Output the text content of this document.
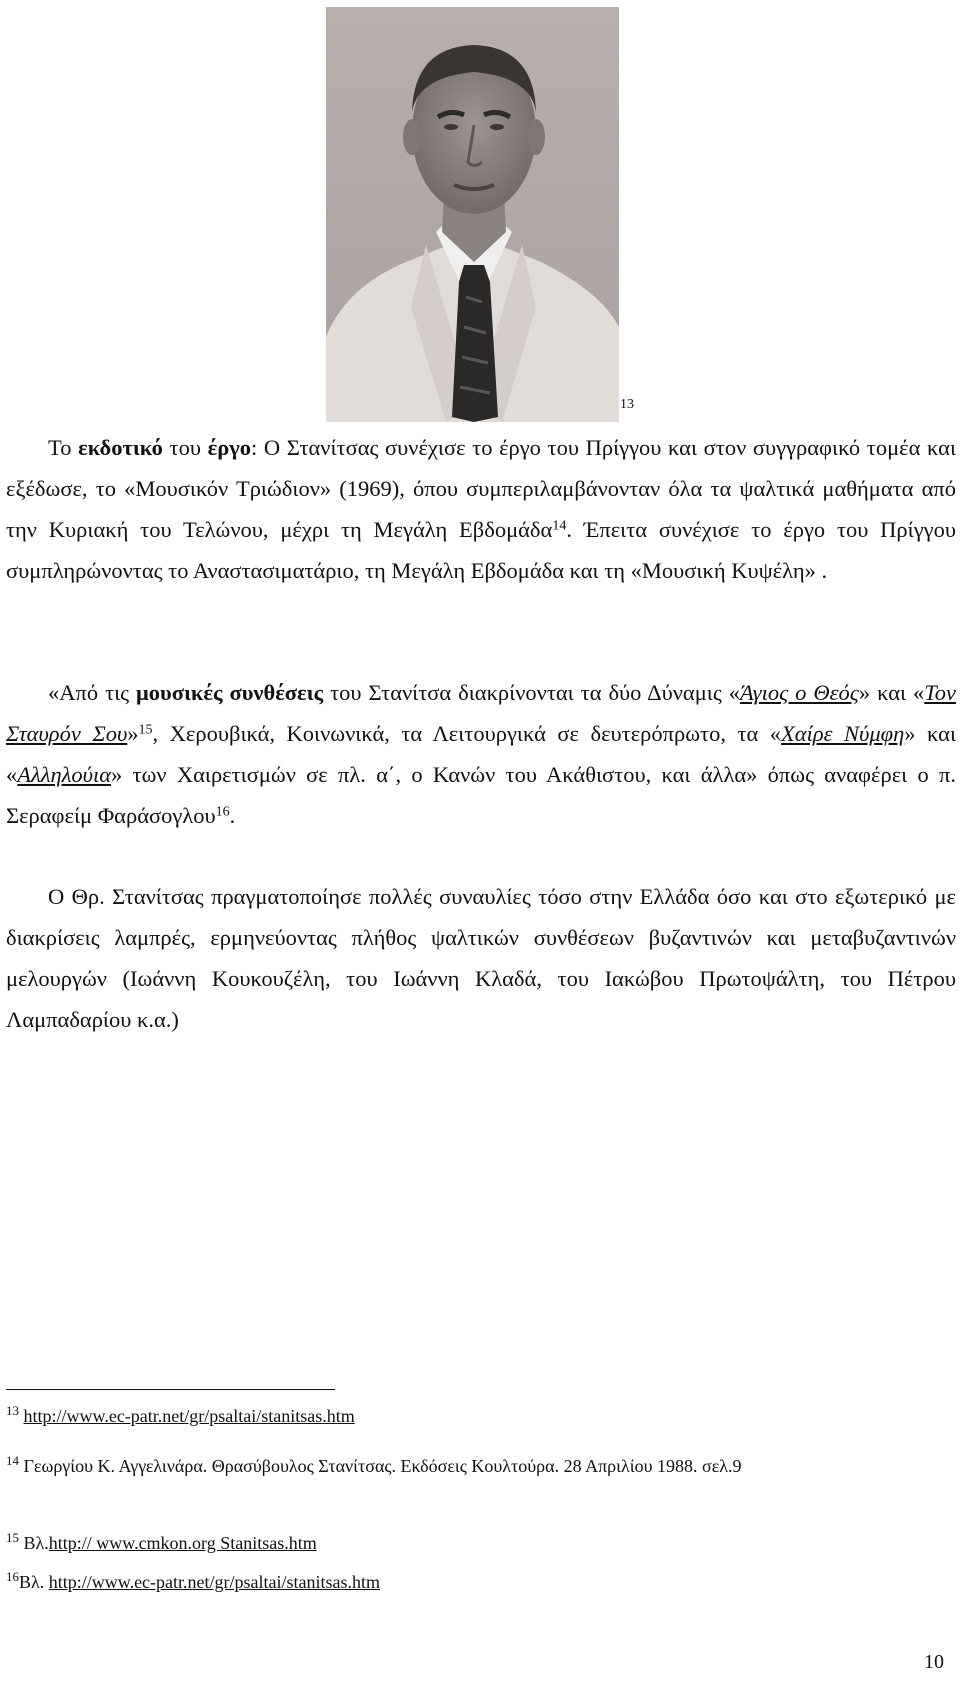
13

Το εκδοτικό του έργο: Ο Στανίτσας συνέχισε το έργο του Πρίγγου και στον συγγραφικό τομέα και εξέδωσε, το «Μουσικόν Τριώδιον» (1969), όπου συμπεριλαμβάνονταν όλα τα ψαλτικά μαθήματα από την Κυριακή του Τελώνου, μέχρι τη Μεγάλη Εβδομάδα$^{14}$. Έπειτα συνέχισε το έργο του Πρίγγου συμπληρώνοντας το Αναστασιματάριο, τη Μεγάλη Εβδομάδα και τη «Μουσική Κυψέλη» .

«Από τις μουσικές συνθέσεις του Στανίτσα διακρίνονται τα δύο Δύναμις «Άγιος ο Θεός» και «Τον Σταυρόν Σου»$^{15}$, Χερουβικά, Κοινωνικά, τα Λειτουργικά σε δευτερόπρωτο, τα «Χαίρε Νύμφη» και «Αλληλούια» των Χαιρετισμών σε πλ. α΄, ο Κανών του Ακάθιστου, και άλλα» όπως αναφέρει ο π. Σεραφείμ Φαράσογλου$^{16}$.

Ο Θρ. Στανίτσας πραγματοποίησε πολλές συναυλίες τόσο στην Ελλάδα όσο και στο εξωτερικό με διακρίσεις λαμπρές, ερμηνεύοντας πλήθος ψαλτικών συνθέσεων βυζαντινών και μεταβυζαντινών μελουργών (Ιωάννη Κουκουζέλη, του Ιωάννη Κλαδά, του Ιακώβου Πρωτοψάλτη, του Πέτρου Λαμπαδαρίου κ.α.)

$^{13}$ http://www.ec-patr.net/gr/psaltai/stanitsas.htm

$^{14}$ Γεωργίου Κ. Αγγελινάρα. Θρασύβουλος Στανίτσας. Εκδόσεις Κουλτούρα. 28 Απριλίου 1988. σελ.9

$^{15}$ Βλ.http:// www.cmkon.org Stanitsas.htm

$^{16}$Βλ. http://www.ec-patr.net/gr/psaltai/stanitsas.htm

10
